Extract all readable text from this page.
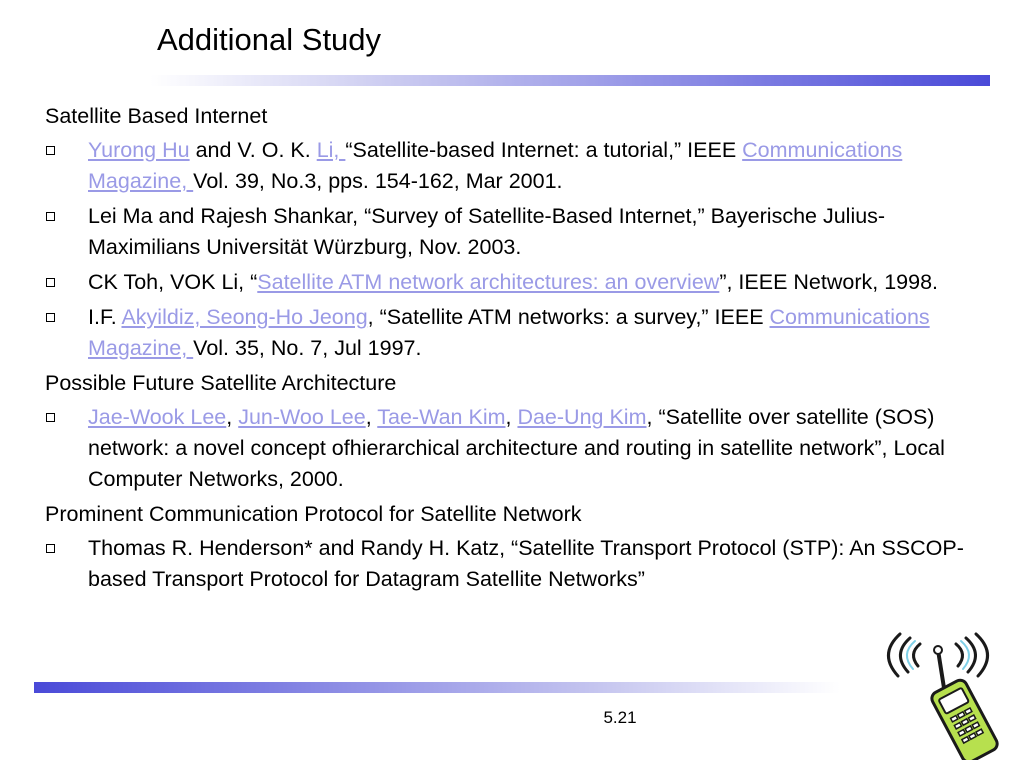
Additional Study
Satellite Based Internet
Yurong Hu and V. O. K. Li, “Satellite-based Internet: a tutorial,” IEEE Communications Magazine, Vol. 39, No.3, pps. 154-162, Mar 2001.
Lei Ma and Rajesh Shankar, “Survey of Satellite-Based Internet,” Bayerische Julius-Maximilians Universität Würzburg, Nov. 2003.
CK Toh, VOK Li, “Satellite ATM network architectures: an overview”, IEEE Network, 1998.
I.F. Akyildiz, Seong-Ho Jeong, “Satellite ATM networks: a survey,” IEEE Communications Magazine, Vol. 35, No. 7, Jul 1997.
Possible Future Satellite Architecture
Jae-Wook Lee, Jun-Woo Lee, Tae-Wan Kim, Dae-Ung Kim, “Satellite over satellite (SOS) network: a novel concept ofhierarchical architecture and routing in satellite network”, Local Computer Networks, 2000.
Prominent Communication Protocol for Satellite Network
Thomas R. Henderson* and Randy H. Katz, “Satellite Transport Protocol (STP): An SSCOP-based Transport Protocol for Datagram Satellite Networks”
5.21
